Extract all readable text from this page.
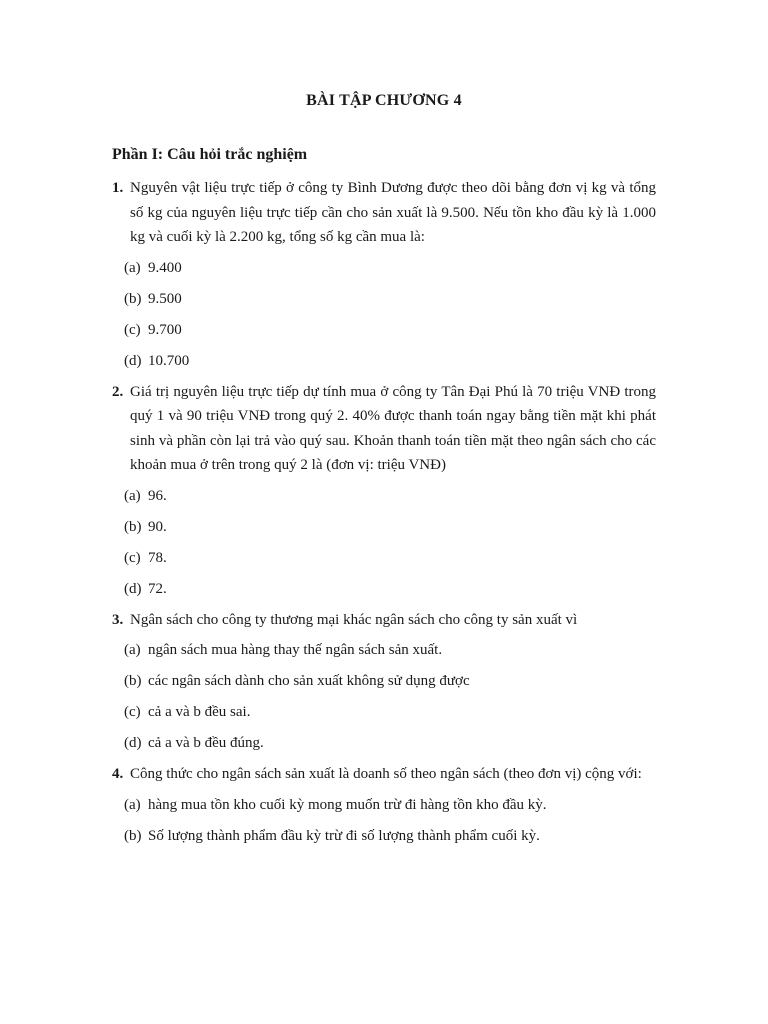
BÀI TẬP CHƯƠNG 4
Phần I: Câu hỏi trắc nghiệm
1. Nguyên vật liệu trực tiếp ở công ty Bình Dương được theo dõi bằng đơn vị kg và tổng số kg của nguyên liệu trực tiếp cần cho sản xuất là 9.500. Nếu tồn kho đầu kỳ là 1.000 kg và cuối kỳ là 2.200 kg, tổng số kg cần mua là:
(a) 9.400
(b) 9.500
(c) 9.700
(d) 10.700
2. Giá trị nguyên liệu trực tiếp dự tính mua ở công ty Tân Đại Phú là 70 triệu VNĐ trong quý 1 và 90 triệu VNĐ trong quý 2. 40% được thanh toán ngay bằng tiền mặt khi phát sinh và phần còn lại trả vào quý sau. Khoản thanh toán tiền mặt theo ngân sách cho các khoản mua ở trên trong quý 2 là (đơn vị: triệu VNĐ)
(a) 96.
(b) 90.
(c) 78.
(d) 72.
3. Ngân sách cho công ty thương mại khác ngân sách cho công ty sản xuất vì
(a) ngân sách mua hàng thay thế ngân sách sản xuất.
(b) các ngân sách dành cho sản xuất không sử dụng được
(c) cả a và b đều sai.
(d) cả a và b đều đúng.
4. Công thức cho ngân sách sản xuất là doanh số theo ngân sách (theo đơn vị) cộng với:
(a) hàng mua tồn kho cuối kỳ mong muốn trừ đi hàng tồn kho đầu kỳ.
(b) Số lượng thành phẩm đầu kỳ trừ đi số lượng thành phẩm cuối kỳ.
